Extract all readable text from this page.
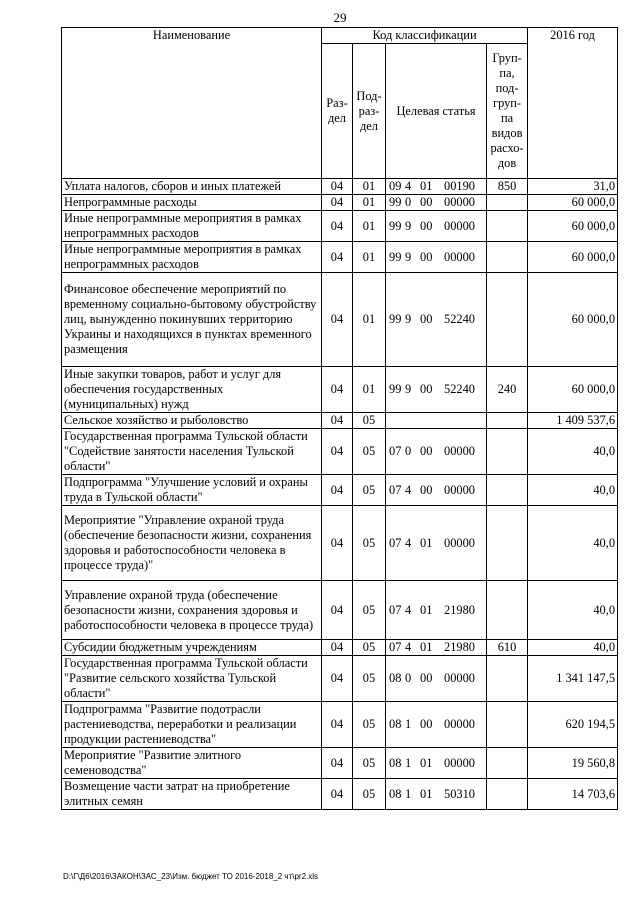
29
Наименование	Код классификации				2016 год
	Раз-дел	Под-раз-дел	Целевая статья	Груп-па, под-груп-па видов расхо-дов	
Уплата налогов, сборов и иных платежей	04	01	09 4 01 00190	850	31,0
Непрограммные расходы	04	01	99 0 00 00000		60 000,0
Иные непрограммные мероприятия в рамках непрограммных расходов	04	01	99 9 00 00000		60 000,0
Иные непрограммные мероприятия в рамках непрограммных расходов	04	01	99 9 00 00000		60 000,0
Финансовое обеспечение мероприятий по временному социально-бытовому обустройству лиц, вынужденно покинувших территорию Украины и находящихся в пунктах временного размещения	04	01	99 9 00 52240		60 000,0
Иные закупки товаров, работ и услуг для обеспечения государственных (муниципальных) нужд	04	01	99 9 00 52240	240	60 000,0
Сельское хозяйство и рыболовство	04	05			1 409 537,6
Государственная программа Тульской области "Содействие занятости населения Тульской области"	04	05	07 0 00 00000		40,0
Подпрограмма "Улучшение условий и охраны труда в Тульской области"	04	05	07 4 00 00000		40,0
Мероприятие "Управление охраной труда (обеспечение безопасности жизни, сохранения здоровья и работоспособности человека в процессе труда)"	04	05	07 4 01 00000		40,0
Управление охраной труда (обеспечение безопасности жизни, сохранения здоровья и работоспособности человека в процессе труда)	04	05	07 4 01 21980		40,0
Субсидии бюджетным учреждениям	04	05	07 4 01 21980	610	40,0
Государственная программа Тульской области "Развитие сельского хозяйства Тульской области"	04	05	08 0 00 00000		1 341 147,5
Подпрограмма "Развитие подотрасли растениеводства, переработки и реализации продукции растениеводства"	04	05	08 1 00 00000		620 194,5
Мероприятие "Развитие элитного семеноводства"	04	05	08 1 01 00000		19 560,8
Возмещение части затрат на приобретение элитных семян	04	05	08 1 01 50310		14 703,6
D:\Г\Д6\2016\ЗАКОН\ЗАС_23\Изм. бюджет ТО 2016-2018_2 чт\pr2.xls
